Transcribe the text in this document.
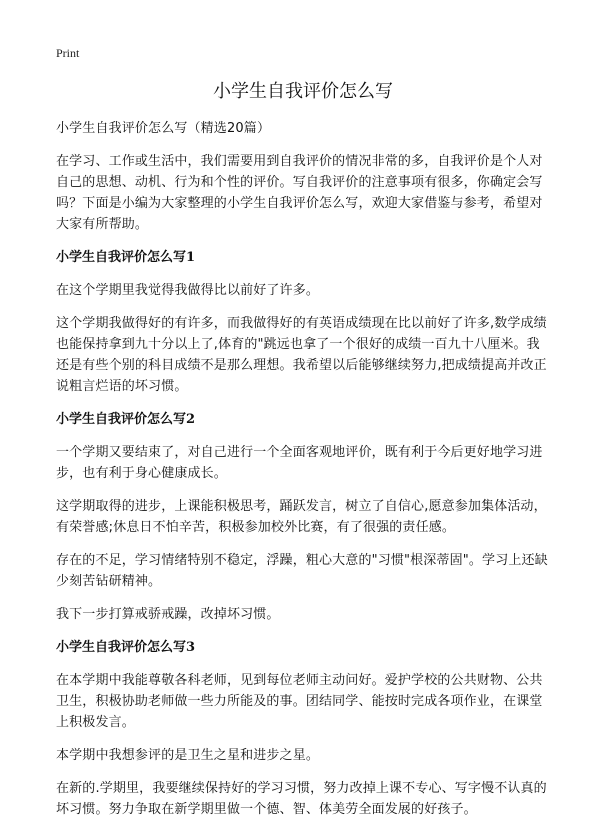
Print
小学生自我评价怎么写

小学生自我评价怎么写（精选20篇）

在学习、工作或生活中，我们需要用到自我评价的情况非常的多，自我评价是个人对自己的思想、动机、行为和个性的评价。写自我评价的注意事项有很多，你确定会写吗？下面是小编为大家整理的小学生自我评价怎么写，欢迎大家借鉴与参考，希望对大家有所帮助。

小学生自我评价怎么写1

在这个学期里我觉得我做得比以前好了许多。

这个学期我做得好的有许多，而我做得好的有英语成绩现在比以前好了许多,数学成绩也能保持拿到九十分以上了,体育的"跳远也拿了一个很好的成绩一百九十八厘米。我还是有些个别的科目成绩不是那么理想。我希望以后能够继续努力,把成绩提高并改正说粗言烂语的坏习惯。

小学生自我评价怎么写2

一个学期又要结束了，对自己进行一个全面客观地评价，既有利于今后更好地学习进步，也有利于身心健康成长。

这学期取得的进步，上课能积极思考，踊跃发言，树立了自信心,愿意参加集体活动，有荣誉感;休息日不怕辛苦，积极参加校外比赛，有了很强的责任感。

存在的不足，学习情绪特别不稳定，浮躁，粗心大意的"习惯"根深蒂固"。学习上还缺少刻苦钻研精神。

我下一步打算戒骄戒躁，改掉坏习惯。

小学生自我评价怎么写3

在本学期中我能尊敬各科老师，见到每位老师主动问好。爱护学校的公共财物、公共卫生，积极协助老师做一些力所能及的事。团结同学、能按时完成各项作业，在课堂上积极发言。

本学期中我想参评的是卫生之星和进步之星。

在新的.学期里，我要继续保持好的学习习惯，努力改掉上课不专心、写字慢不认真的坏习惯。努力争取在新学期里做一个德、智、体美劳全面发展的好孩子。
